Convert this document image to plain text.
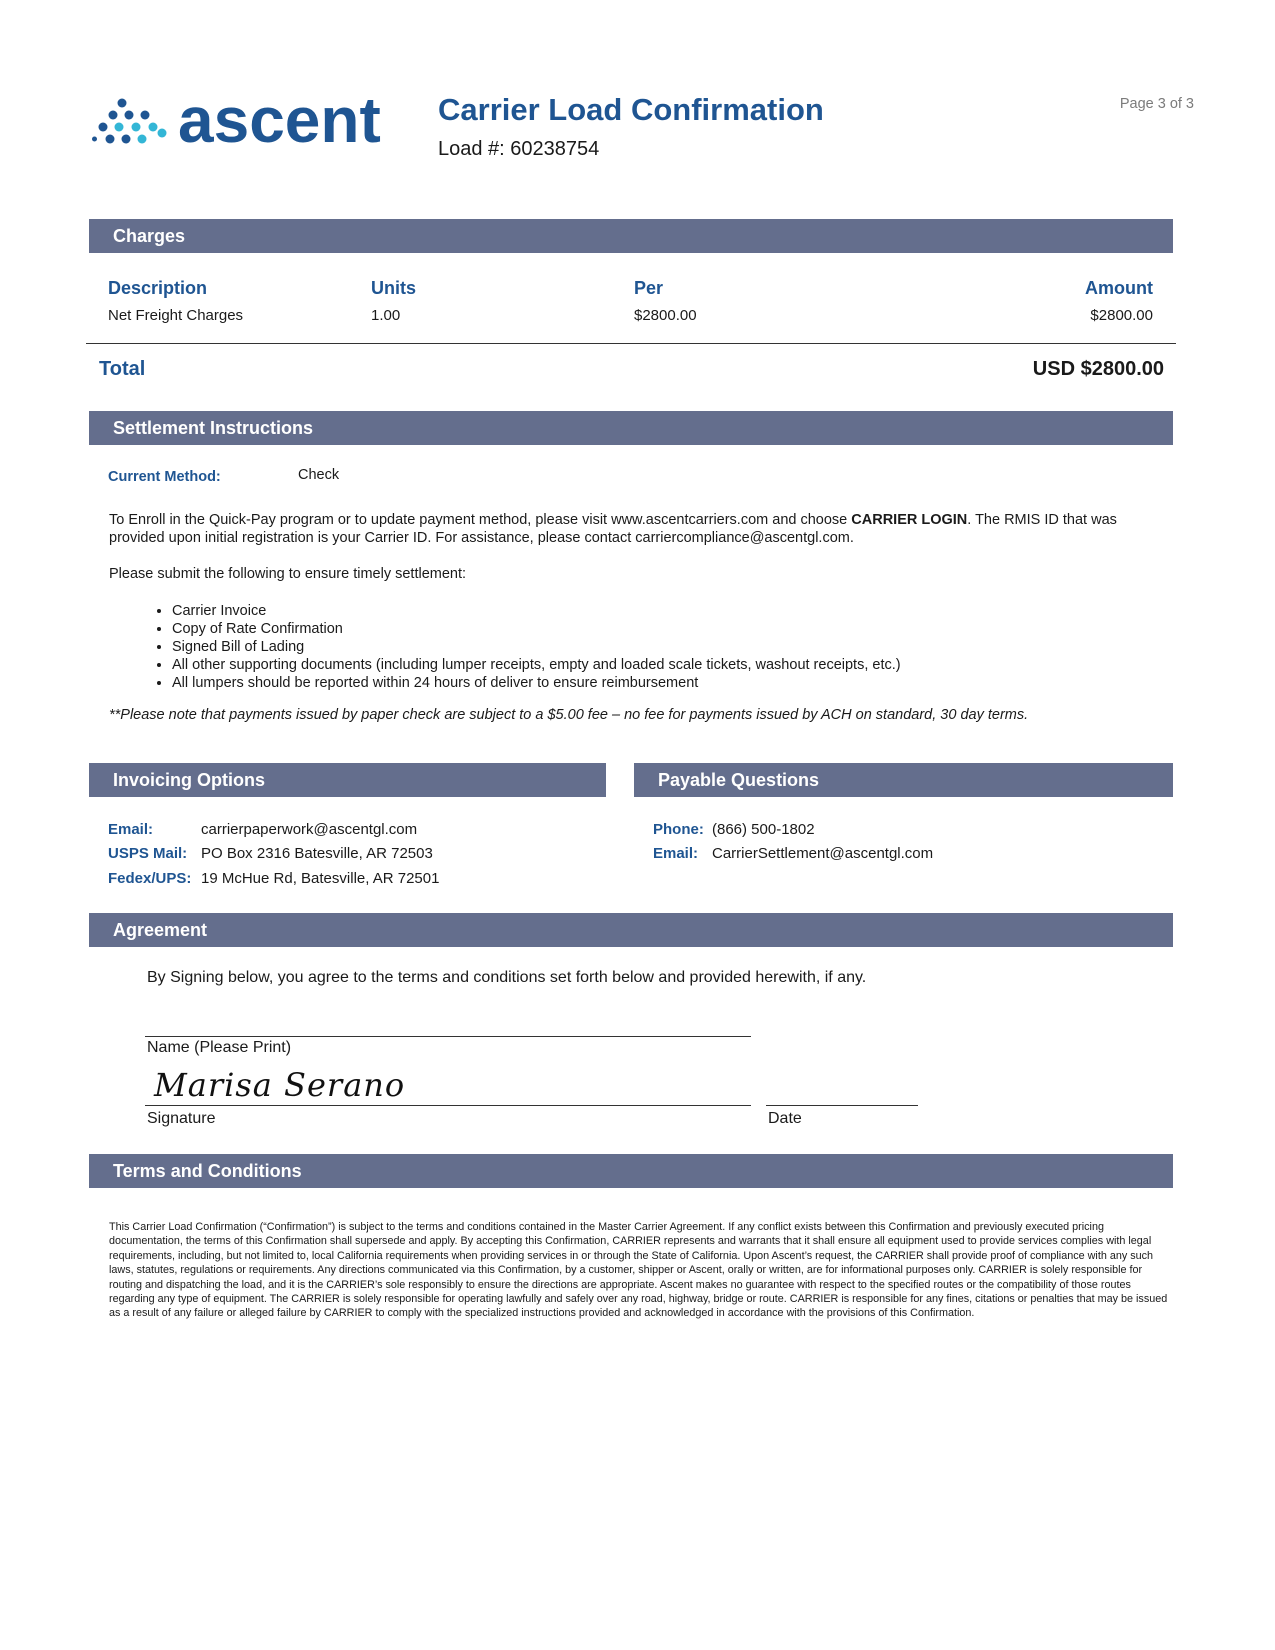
ascent Carrier Load Confirmation
Load #: 60238754
Page 3 of 3
Charges
Description	Units	Per	Amount
Net Freight Charges	1.00	$2800.00	$2800.00
Total	USD $2800.00
Settlement Instructions
Current Method:	Check
To Enroll in the Quick-Pay program or to update payment method, please visit www.ascentcarriers.com and choose CARRIER LOGIN. The RMIS ID that was provided upon initial registration is your Carrier ID. For assistance, please contact carriercompliance@ascentgl.com.
Please submit the following to ensure timely settlement:
• Carrier Invoice
• Copy of Rate Confirmation
• Signed Bill of Lading
• All other supporting documents (including lumper receipts, empty and loaded scale tickets, washout receipts, etc.)
• All lumpers should be reported within 24 hours of deliver to ensure reimbursement
**Please note that payments issued by paper check are subject to a $5.00 fee – no fee for payments issued by ACH on standard, 30 day terms.
Invoicing Options	Payable Questions
Email:	carrierpaperwork@ascentgl.com
USPS Mail: PO Box 2316 Batesville, AR 72503
Fedex/UPS: 19 McHue Rd, Batesville, AR 72501
Phone: (866) 500-1802
Email: CarrierSettlement@ascentgl.com
Agreement
By Signing below, you agree to the terms and conditions set forth below and provided herewith, if any.
Name (Please Print)
Marisa Serano
Signature	Date
Terms and Conditions
This Carrier Load Confirmation (“Confirmation”) is subject to the terms and conditions contained in the Master Carrier Agreement. If any conflict exists between this Confirmation and previously executed pricing documentation, the terms of this Confirmation shall supersede and apply. By accepting this Confirmation, CARRIER represents and warrants that it shall ensure all equipment used to provide services complies with legal requirements, including, but not limited to, local California requirements when providing services in or through the State of California. Upon Ascent’s request, the CARRIER shall provide proof of compliance with any such laws, statutes, regulations or requirements. Any directions communicated via this Confirmation, by a customer, shipper or Ascent, orally or written, are for informational purposes only. CARRIER is solely responsible for routing and dispatching the load, and it is the CARRIER’s sole responsibly to ensure the directions are appropriate. Ascent makes no guarantee with respect to the specified routes or the compatibility of those routes regarding any type of equipment. The CARRIER is solely responsible for operating lawfully and safely over any road, highway, bridge or route. CARRIER is responsible for any fines, citations or penalties that may be issued as a result of any failure or alleged failure by CARRIER to comply with the specialized instructions provided and acknowledged in accordance with the provisions of this Confirmation.
